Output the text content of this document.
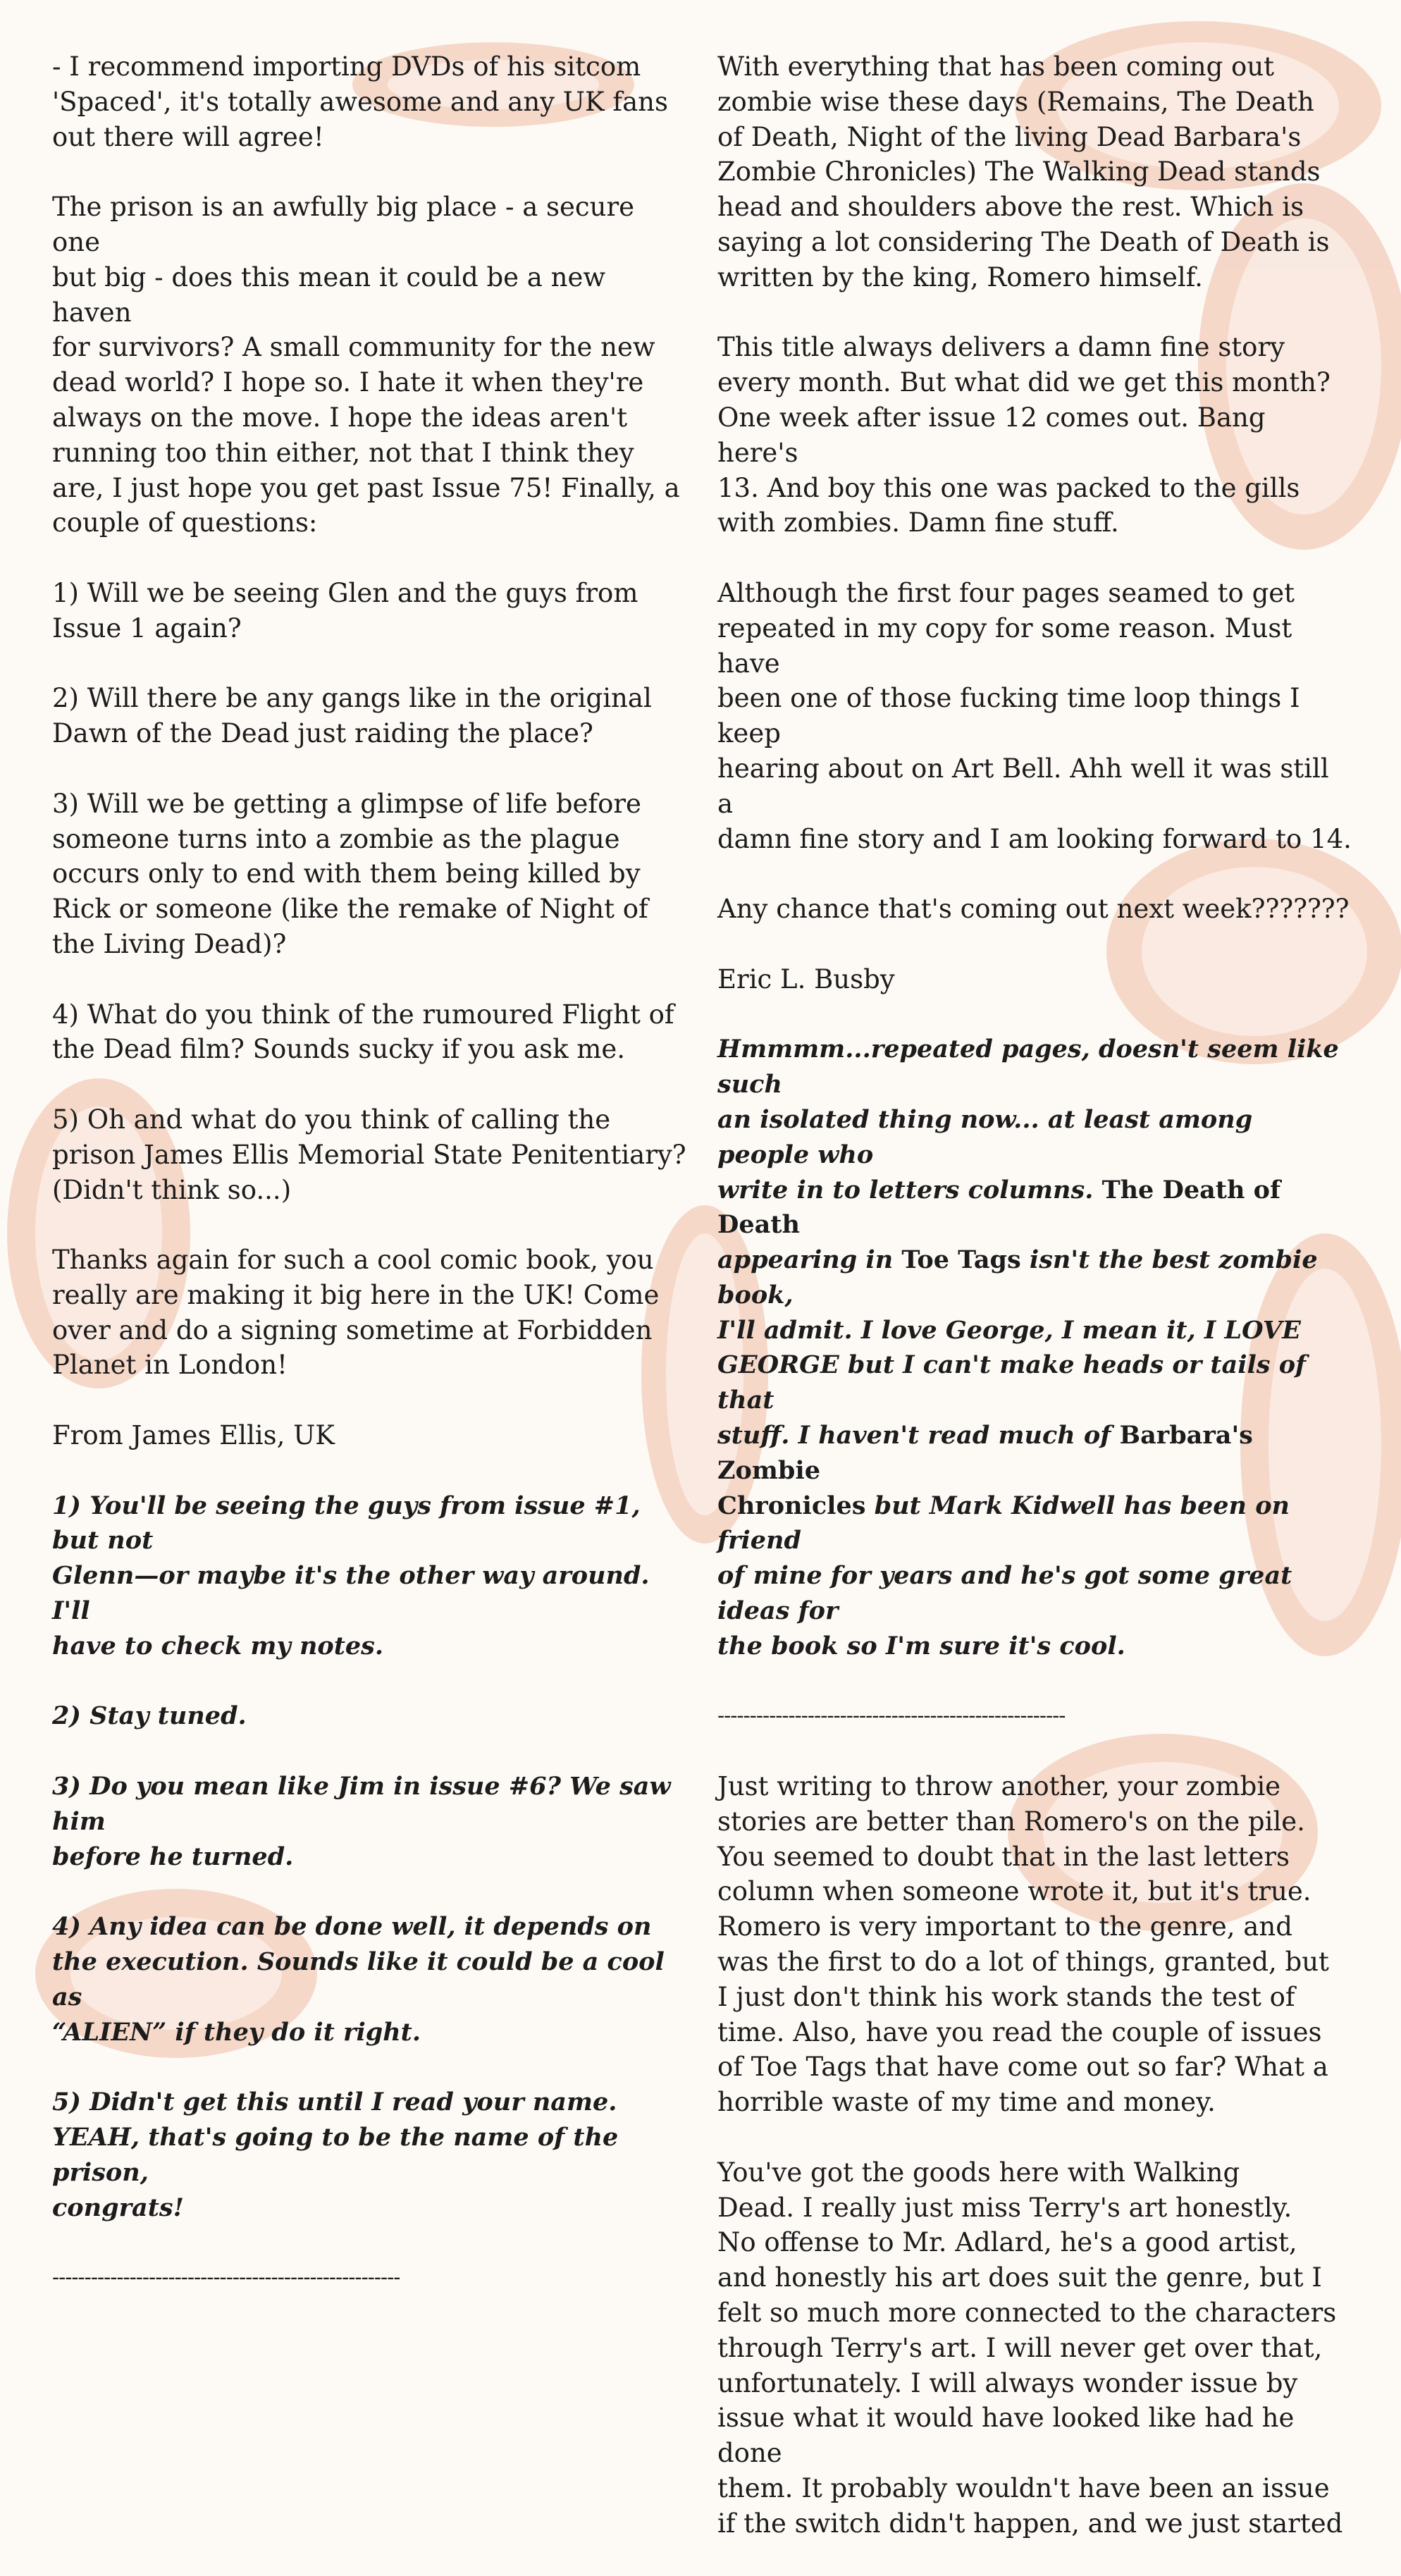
- I recommend importing DVDs of his sitcom
'Spaced', it's totally awesome and any UK fans
out there will agree!
The prison is an awfully big place - a secure one
but big - does this mean it could be a new haven
for survivors? A small community for the new
dead world? I hope so. I hate it when they're
always on the move. I hope the ideas aren't
running too thin either, not that I think they
are, I just hope you get past Issue 75! Finally, a
couple of questions:
1) Will we be seeing Glen and the guys from
Issue 1 again?
2) Will there be any gangs like in the original
Dawn of the Dead just raiding the place?
3) Will we be getting a glimpse of life before
someone turns into a zombie as the plague
occurs only to end with them being killed by
Rick or someone (like the remake of Night of
the Living Dead)?
4) What do you think of the rumoured Flight of
the Dead film? Sounds sucky if you ask me.
5) Oh and what do you think of calling the
prison James Ellis Memorial State Penitentiary?
(Didn't think so...)
Thanks again for such a cool comic book, you
really are making it big here in the UK! Come
over and do a signing sometime at Forbidden
Planet in London!
From James Ellis, UK
1) You'll be seeing the guys from issue #1, but not
Glenn—or maybe it's the other way around. I'll
have to check my notes.
2) Stay tuned.
3) Do you mean like Jim in issue #6? We saw him
before he turned.
4) Any idea can be done well, it depends on
the execution. Sounds like it could be a cool as
“ALIEN” if they do it right.
5) Didn't get this until I read your name.
YEAH, that's going to be the name of the prison,
congrats!
------------------------------------------------------
With everything that has been coming out
zombie wise these days (Remains, The Death
of Death, Night of the living Dead Barbara's
Zombie Chronicles) The Walking Dead stands
head and shoulders above the rest. Which is
saying a lot considering The Death of Death is
written by the king, Romero himself.
This title always delivers a damn fine story
every month. But what did we get this month?
One week after issue 12 comes out. Bang here's
13. And boy this one was packed to the gills
with zombies. Damn fine stuff.
Although the first four pages seamed to get
repeated in my copy for some reason. Must have
been one of those fucking time loop things I keep
hearing about on Art Bell. Ahh well it was still a
damn fine story and I am looking forward to 14.
Any chance that's coming out next week???????
Eric L. Busby
Hmmmm...repeated pages, doesn't seem like such
an isolated thing now... at least among people who
write in to letters columns. The Death of Death
appearing in Toe Tags isn't the best zombie book,
I'll admit. I love George, I mean it, I LOVE
GEORGE but I can't make heads or tails of that
stuff. I haven't read much of Barbara's Zombie
Chronicles but Mark Kidwell has been on friend
of mine for years and he's got some great ideas for
the book so I'm sure it's cool.
------------------------------------------------------
Just writing to throw another, your zombie
stories are better than Romero's on the pile.
You seemed to doubt that in the last letters
column when someone wrote it, but it's true.
Romero is very important to the genre, and
was the first to do a lot of things, granted, but
I just don't think his work stands the test of
time. Also, have you read the couple of issues
of Toe Tags that have come out so far? What a
horrible waste of my time and money.
You've got the goods here with Walking
Dead. I really just miss Terry's art honestly.
No offense to Mr. Adlard, he's a good artist,
and honestly his art does suit the genre, but I
felt so much more connected to the characters
through Terry's art. I will never get over that,
unfortunately. I will always wonder issue by
issue what it would have looked like had he done
them. It probably wouldn't have been an issue
if the switch didn't happen, and we just started
